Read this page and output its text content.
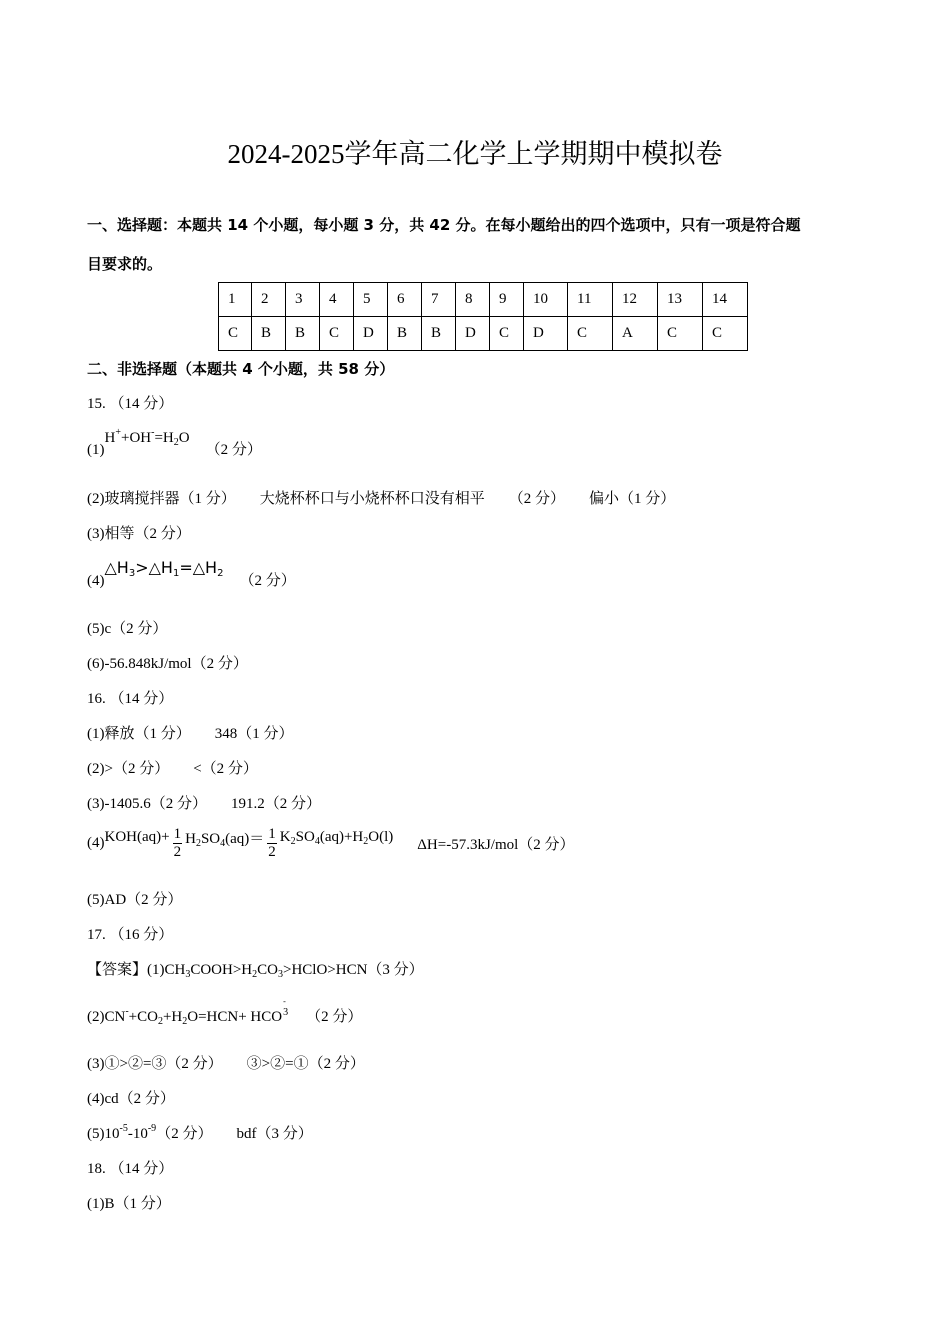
2024-2025学年高二化学上学期期中模拟卷
一、选择题：本题共 14 个小题，每小题 3 分，共 42 分。在每小题给出的四个选项中，只有一项是符合题
目要求的。
1	2	3	4	5	6	7	8	9	10	11	12	13	14
C	B	B	C	D	B	B	D	C	D	C	A	C	C
二、非选择题（本题共 4 个小题，共 58 分）
15. （14 分）
$(1)H^++OH^-=H_2O(2$ 分）
(2)玻璃搅拌器（1 分） 大烧杯杯口与小烧杯杯口没有相平 （2 分） 偏小（1 分）
(3)相等（2 分）
$(4)\triangle H_3>\triangle H_1=\triangle H_2$ （2 分）
(5)c（2 分）
(6)-56.848kJ/mol（2 分）
16. （14 分）
(1)释放（1 分） 348（1 分）
(2)>（2 分） <（2 分）
(3)-1405.6（2 分） 191.2（2 分）
$(4)KOH(aq)+ \frac{1}{2} H_2SO_4(aq)= \frac{1}{2} K_2SO_4(aq)+H_2O(l)\Delta H=-57.3kJ/mol(2$ 分）
(5)AD（2 分）
17. （16 分）
【答案】$(1)CH_3COOH>H_2CO_3>HClO>HCN(3$ 分）
$(2)CN^-+CO_2+H_2O=HCN+$ HCO
-
3 （2 分）
(3)①>②=③（2 分） ③>②=①（2 分）
(4)cd（2 分）
$(5)10^{-5}-10^{-9}(2$ 分） bdf（3 分）
18. （14 分）
(1)B（1 分）
